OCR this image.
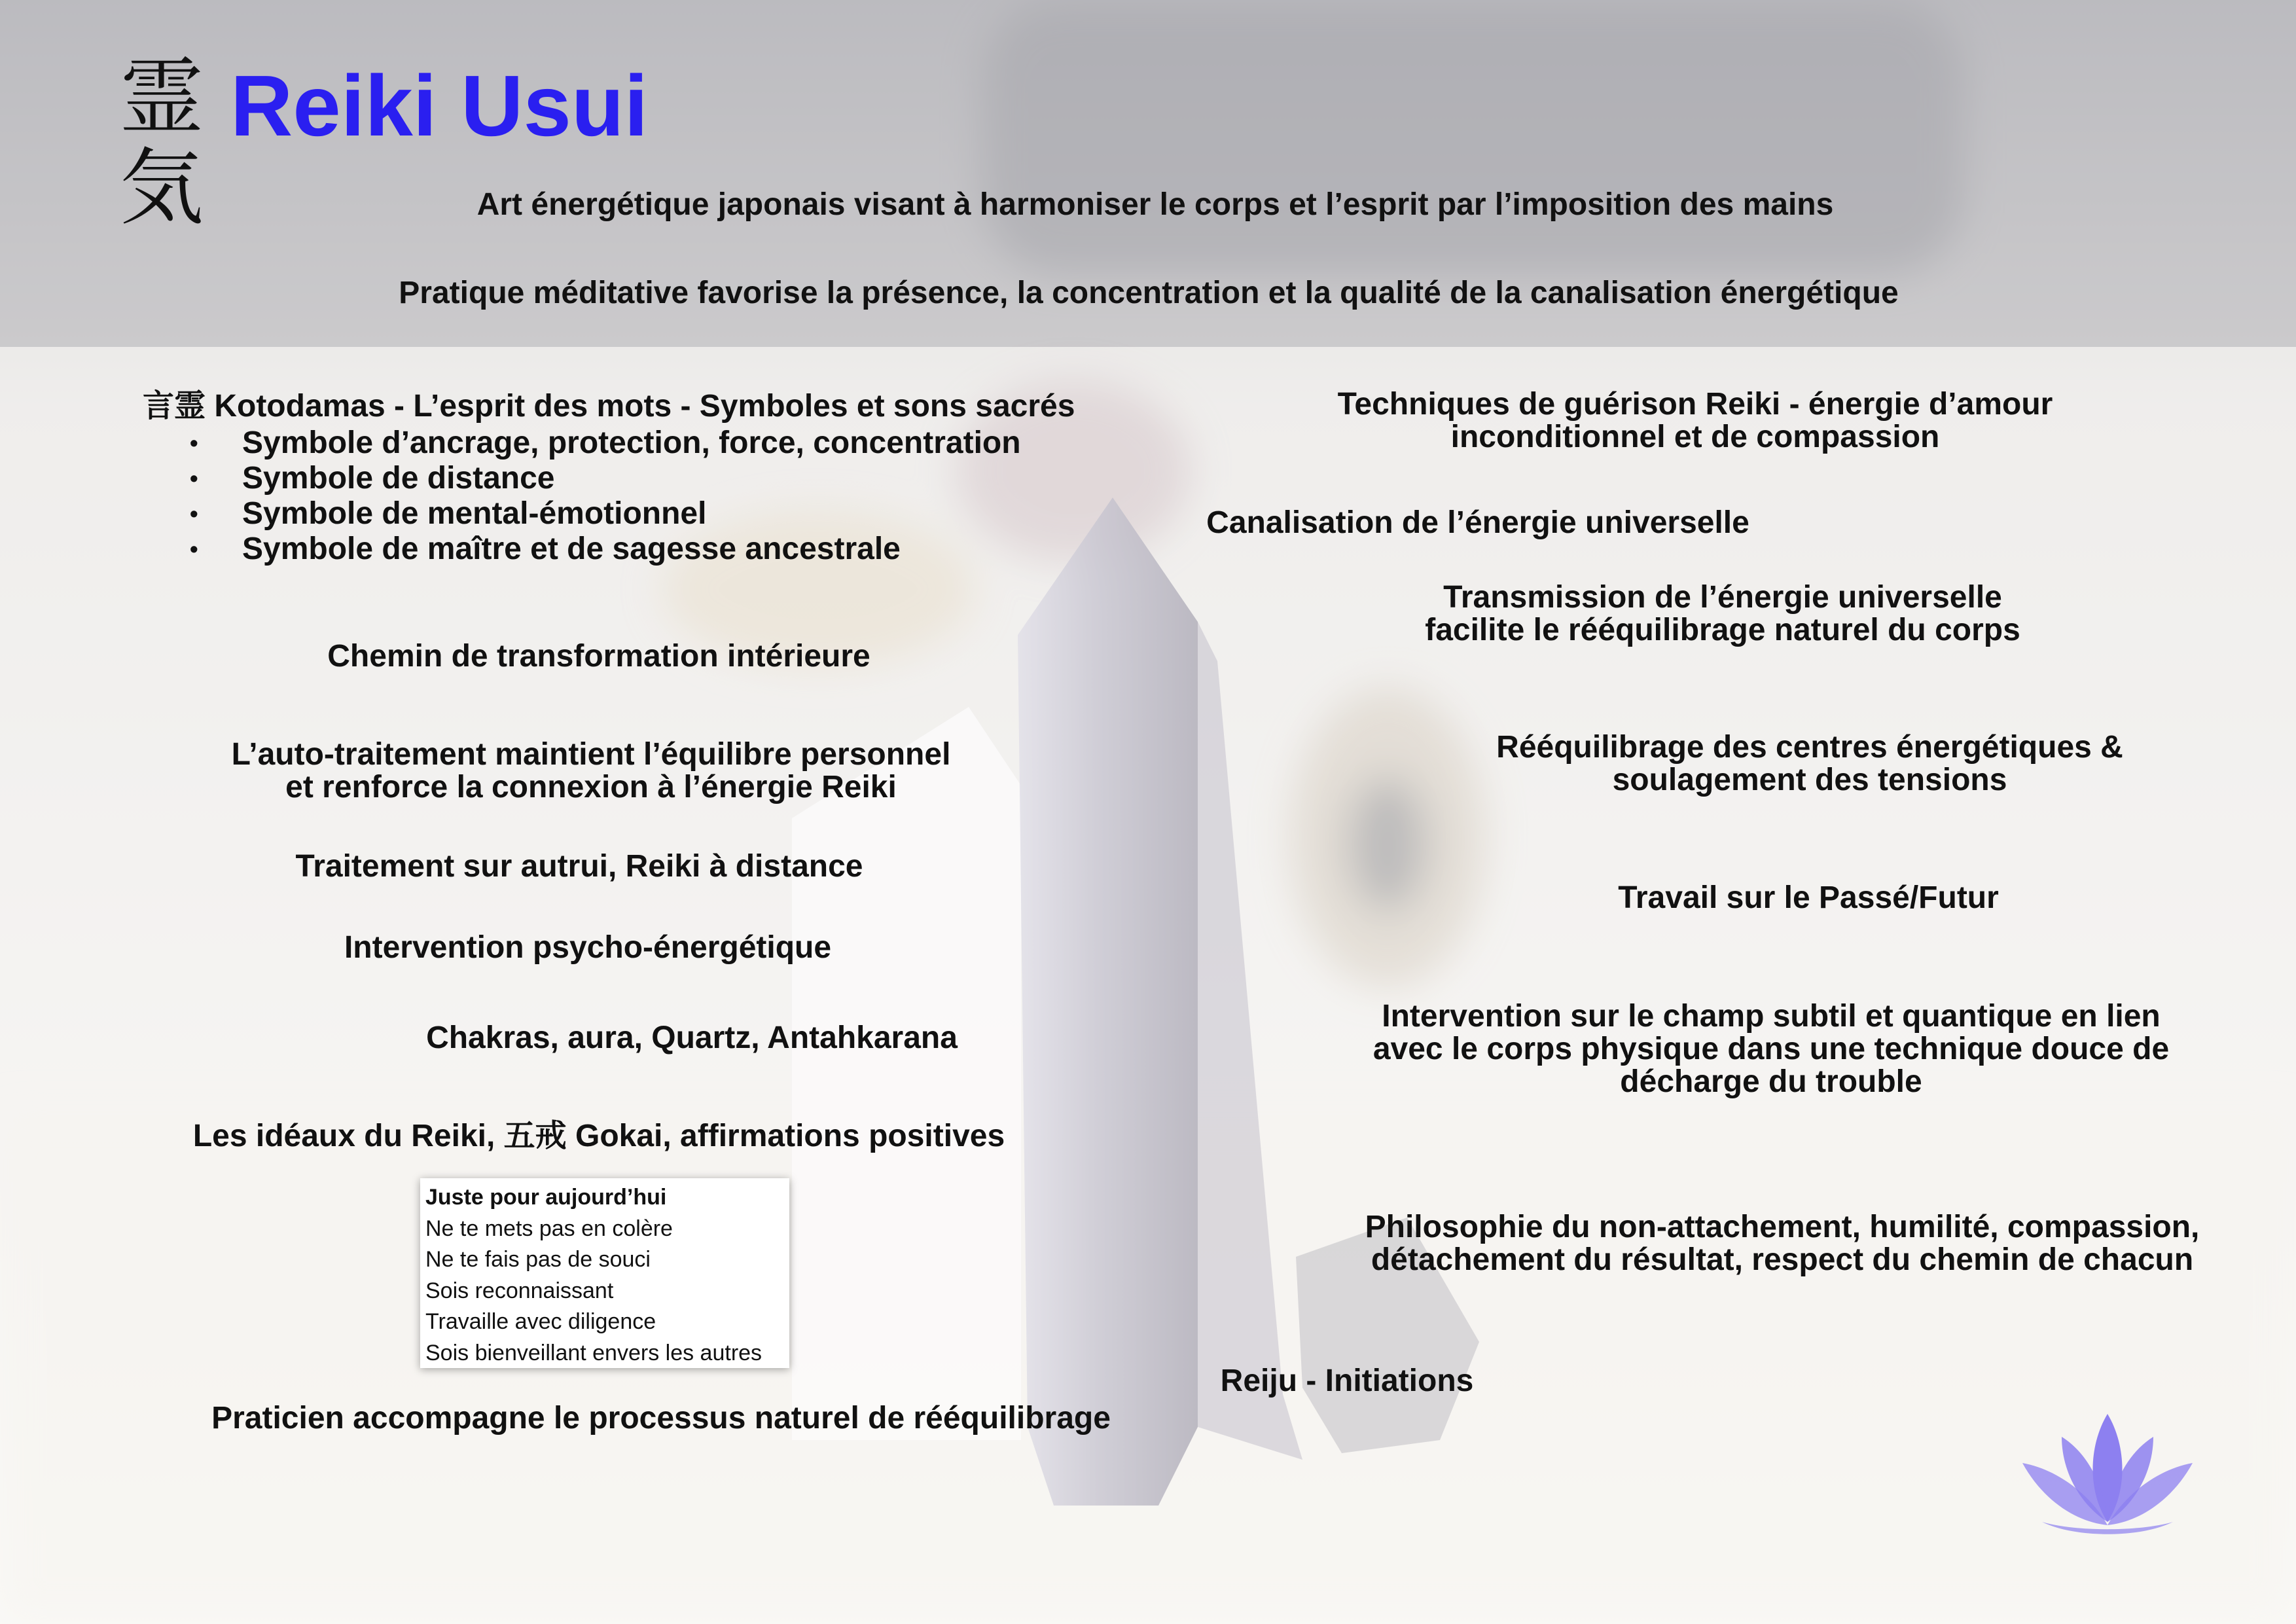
霊
気
Reiki Usui
Art énergétique japonais visant à harmoniser le corps et l’esprit par l’imposition des mains
Pratique méditative favorise la présence, la concentration et la qualité de la canalisation énergétique
言霊 Kotodamas - L’esprit des mots - Symboles et sons sacrés
• Symbole d’ancrage, protection, force, concentration
• Symbole de distance
• Symbole de mental-émotionnel
• Symbole de maître et de sagesse ancestrale
Chemin de transformation intérieure
L’auto-traitement maintient l’équilibre personnel
et renforce la connexion à l’énergie Reiki
Traitement sur autrui, Reiki à distance
Intervention psycho-énergétique
Chakras, aura, Quartz, Antahkarana
Les idéaux du Reiki, 五戒 Gokai, affirmations positives
Juste pour aujourd’hui
Ne te mets pas en colère
Ne te fais pas de souci
Sois reconnaissant
Travaille avec diligence
Sois bienveillant envers les autres
Praticien accompagne le processus naturel de rééquilibrage
Techniques de guérison Reiki - énergie d’amour
inconditionnel et de compassion
Canalisation de l’énergie universelle
Transmission de l’énergie universelle
facilite le rééquilibrage naturel du corps
Rééquilibrage des centres énergétiques &
soulagement des tensions
Travail sur le Passé/Futur
Intervention sur le champ subtil et quantique en lien
avec le corps physique dans une technique douce de
décharge du trouble
Philosophie du non-attachement, humilité, compassion,
détachement du résultat, respect du chemin de chacun
Reiju - Initiations
